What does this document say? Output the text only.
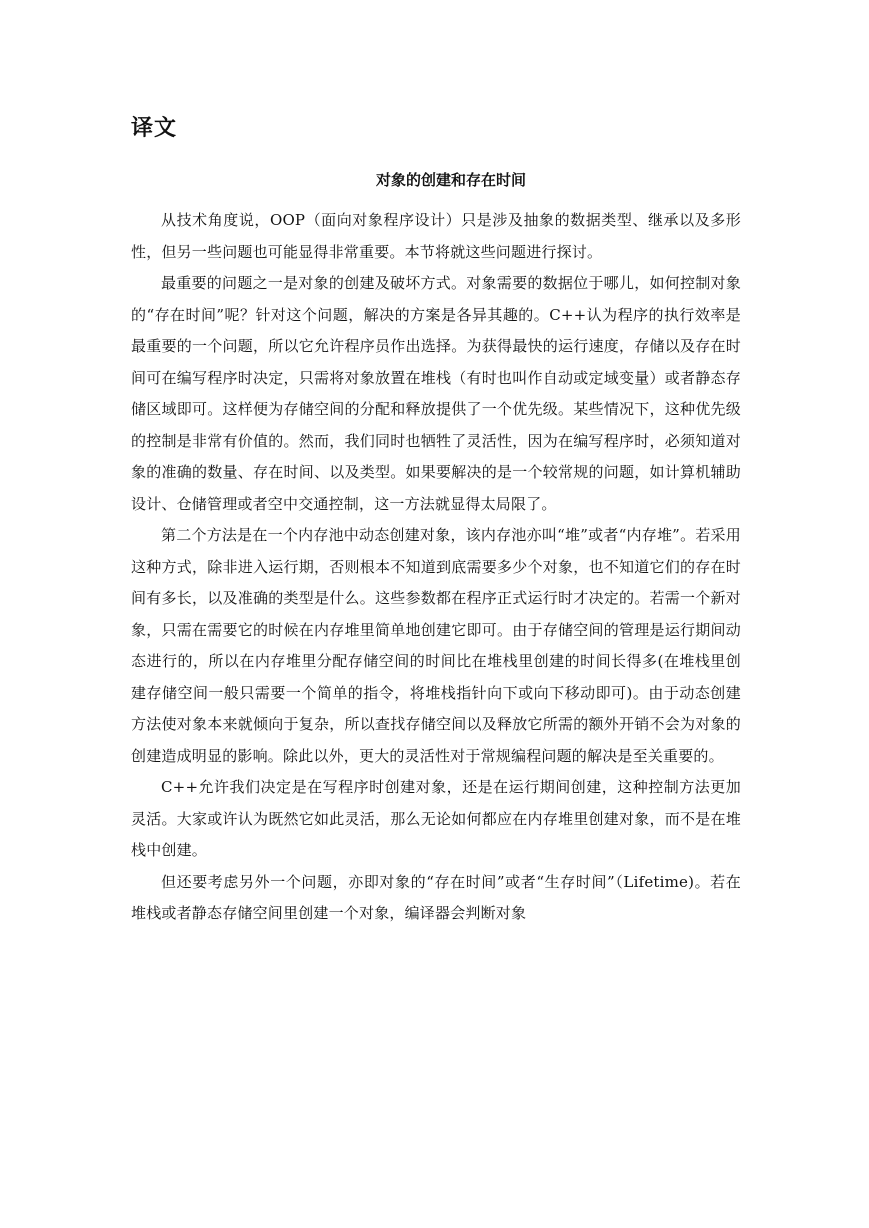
译文
对象的创建和存在时间

从技术角度说，OOP（面向对象程序设计）只是涉及抽象的数据类型、继承以及多形性，但另一些问题也可能显得非常重要。本节将就这些问题进行探讨。

最重要的问题之一是对象的创建及破坏方式。对象需要的数据位于哪儿，如何控制对象的“存在时间”呢？针对这个问题，解决的方案是各异其趣的。C++认为程序的执行效率是最重要的一个问题，所以它允许程序员作出选择。为获得最快的运行速度，存储以及存在时间可在编写程序时决定，只需将对象放置在堆栈（有时也叫作自动或定域变量）或者静态存储区域即可。这样便为存储空间的分配和释放提供了一个优先级。某些情况下，这种优先级的控制是非常有价值的。然而，我们同时也牺牲了灵活性，因为在编写程序时，必须知道对象的准确的数量、存在时间、以及类型。如果要解决的是一个较常规的问题，如计算机辅助设计、仓储管理或者空中交通控制，这一方法就显得太局限了。

第二个方法是在一个内存池中动态创建对象，该内存池亦叫“堆”或者“内存堆”。若采用这种方式，除非进入运行期，否则根本不知道到底需要多少个对象，也不知道它们的存在时间有多长，以及准确的类型是什么。这些参数都在程序正式运行时才决定的。若需一个新对象，只需在需要它的时候在内存堆里简单地创建它即可。由于存储空间的管理是运行期间动态进行的，所以在内存堆里分配存储空间的时间比在堆栈里创建的时间长得多(在堆栈里创建存储空间一般只需要一个简单的指令，将堆栈指针向下或向下移动即可)。由于动态创建方法使对象本来就倾向于复杂，所以查找存储空间以及释放它所需的额外开销不会为对象的创建造成明显的影响。除此以外，更大的灵活性对于常规编程问题的解决是至关重要的。

C++允许我们决定是在写程序时创建对象，还是在运行期间创建，这种控制方法更加灵活。大家或许认为既然它如此灵活，那么无论如何都应在内存堆里创建对象，而不是在堆栈中创建。

但还要考虑另外一个问题，亦即对象的“存在时间”或者“生存时间”（Lifetime)。若在堆栈或者静态存储空间里创建一个对象，编译器会判断对象
